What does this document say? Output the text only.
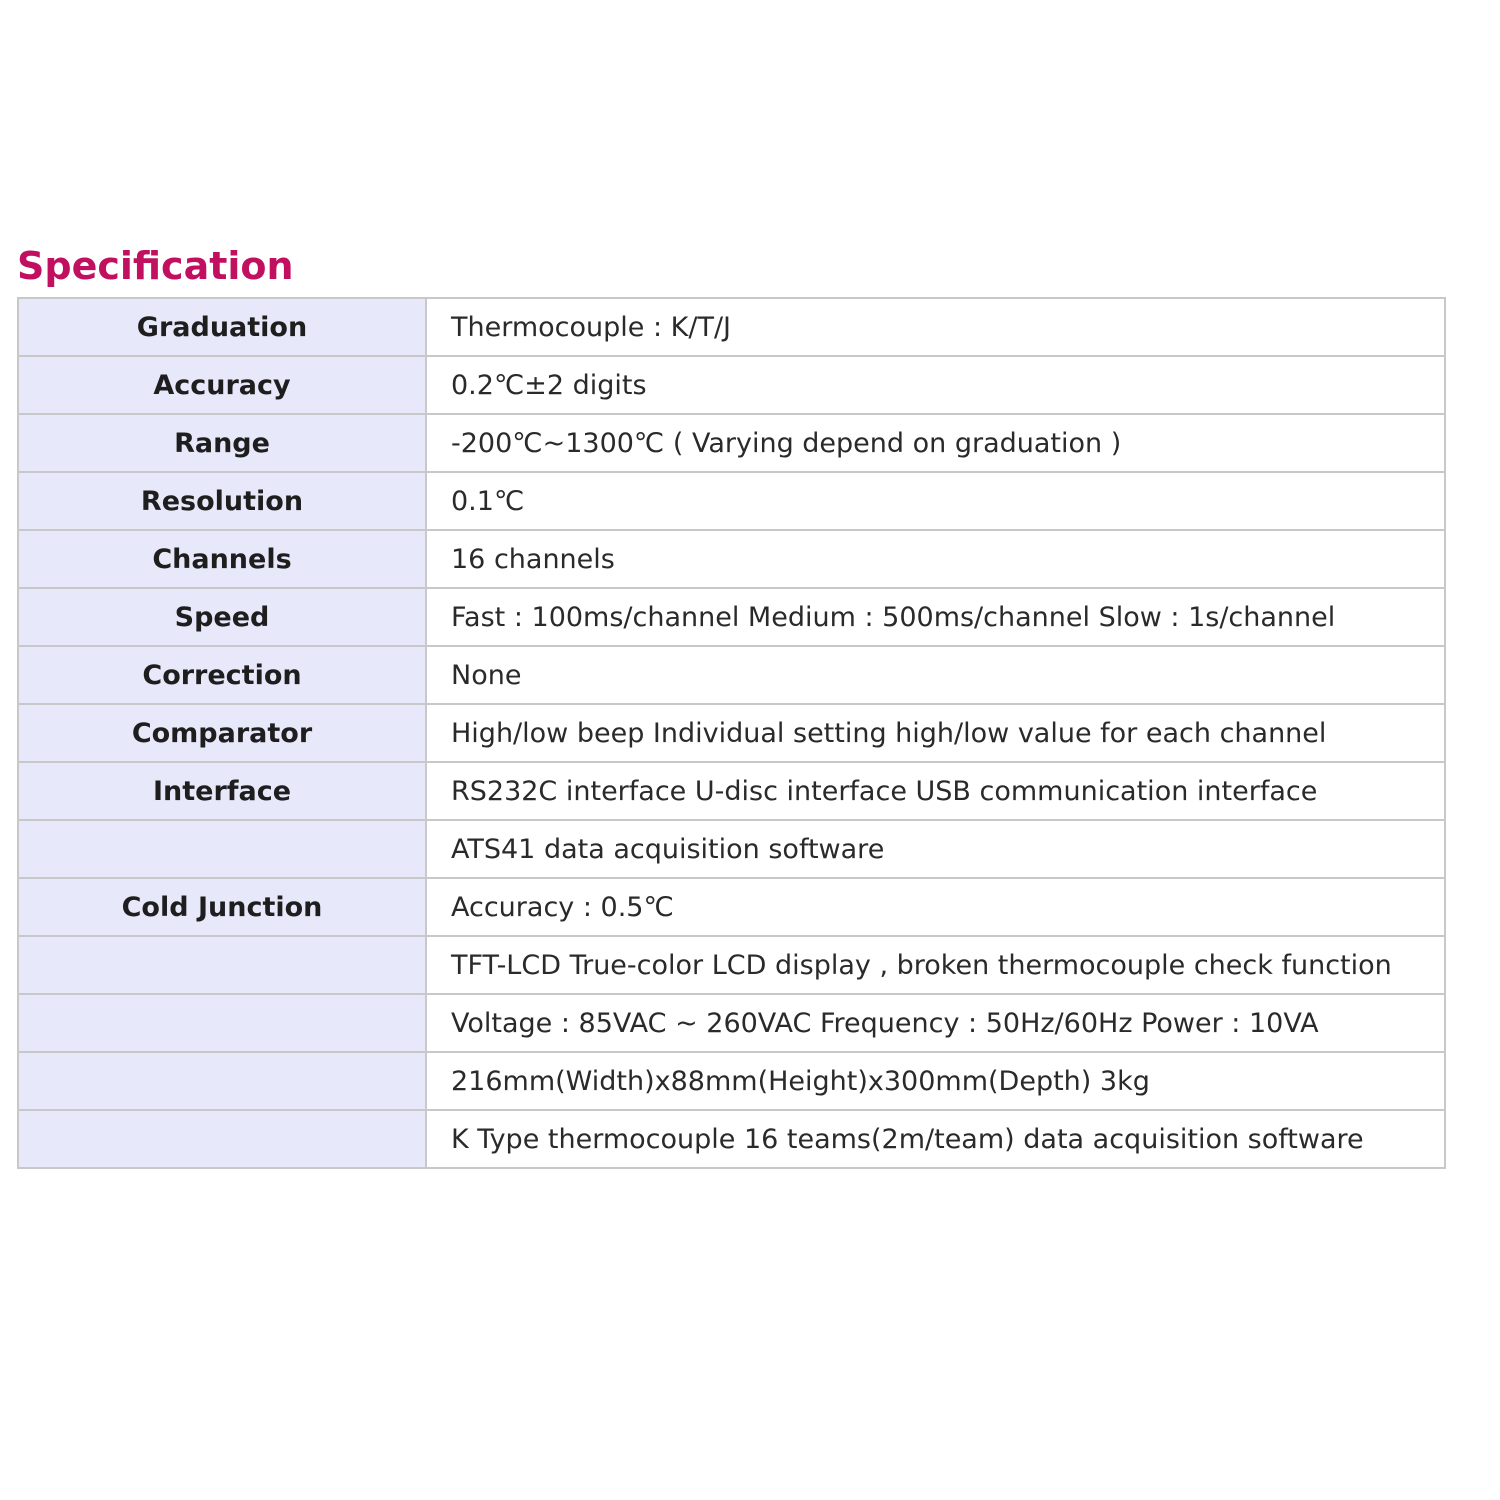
Specification
Graduation	Thermocouple : K/T/J
Accuracy	0.2℃±2 digits
Range	-200℃~1300℃ ( Varying depend on graduation )
Resolution	0.1℃
Channels	16 channels
Speed	Fast : 100ms/channel Medium : 500ms/channel Slow : 1s/channel
Correction	None
Comparator	High/low beep Individual setting high/low value for each channel
Interface	RS232C interface U-disc interface USB communication interface
	ATS41 data acquisition software
Cold Junction	Accuracy : 0.5℃
	TFT-LCD True-color LCD display , broken thermocouple check function
	Voltage : 85VAC ~ 260VAC Frequency : 50Hz/60Hz Power : 10VA
	216mm(Width)x88mm(Height)x300mm(Depth) 3kg
	K Type thermocouple 16 teams(2m/team) data acquisition software
